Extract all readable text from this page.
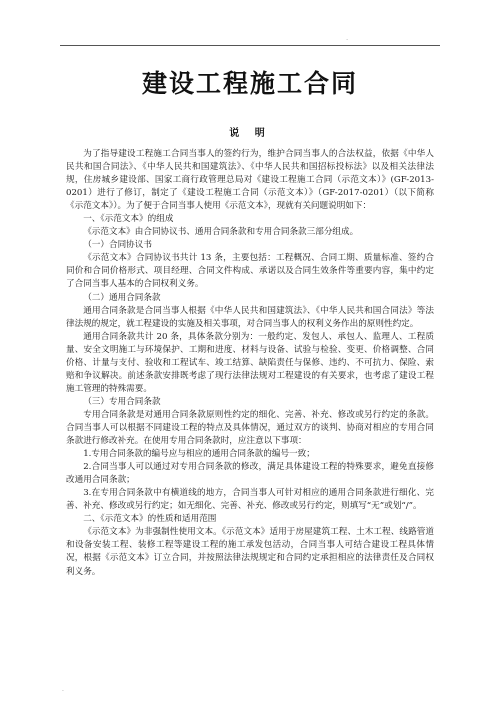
.
建设工程施工合同
说 明

为了指导建设工程施工合同当事人的签约行为，维护合同当事人的合法权益，依据《中华人民共和国合同法》、《中华人民共和国建筑法》、《中华人民共和国招标投标法》以及相关法律法规，住房城乡建设部、国家工商行政管理总局对《建设工程施工合同（示范文本）》(GF-2013-0201）进行了修订，制定了《建设工程施工合同（示范文本）》（GF-2017-0201）（以下简称《示范文本》）。为了便于合同当事人使用《示范文本》，现就有关问题说明如下：

一、《示范文本》的组成

《示范文本》由合同协议书、通用合同条款和专用合同条款三部分组成。

（一）合同协议书

《示范文本》合同协议书共计 13 条，主要包括：工程概况、合同工期、质量标准、签约合同价和合同价格形式、项目经理、合同文件构成、承诺以及合同生效条件等重要内容，集中约定了合同当事人基本的合同权利义务。

（二）通用合同条款

通用合同条款是合同当事人根据《中华人民共和国建筑法》、《中华人民共和国合同法》等法律法规的规定，就工程建设的实施及相关事项，对合同当事人的权利义务作出的原则性约定。

通用合同条款共计 20 条，具体条款分别为：一般约定、发包人、承包人、监理人、工程质量、安全文明施工与环境保护、工期和进度、材料与设备、试验与检验、变更、价格调整、合同价格、计量与支付、验收和工程试车、竣工结算、缺陷责任与保修、违约、不可抗力、保险、索赔和争议解决。前述条款安排既考虑了现行法律法规对工程建设的有关要求，也考虑了建设工程施工管理的特殊需要。

（三）专用合同条款

专用合同条款是对通用合同条款原则性约定的细化、完善、补充、修改或另行约定的条款。合同当事人可以根据不同建设工程的特点及具体情况，通过双方的谈判、协商对相应的专用合同条款进行修改补充。在使用专用合同条款时，应注意以下事项：

1.专用合同条款的编号应与相应的通用合同条款的编号一致；

2.合同当事人可以通过对专用合同条款的修改，满足具体建设工程的特殊要求，避免直接修改通用合同条款；

3.在专用合同条款中有横道线的地方，合同当事人可针对相应的通用合同条款进行细化、完善、补充、修改或另行约定；如无细化、完善、补充、修改或另行约定，则填写“无”或划“/”。

二、《示范文本》的性质和适用范围

《示范文本》为非强制性使用文本。《示范文本》适用于房屋建筑工程、土木工程、线路管道和设备安装工程、装修工程等建设工程的施工承发包活动，合同当事人可结合建设工程具体情况，根据《示范文本》订立合同，并按照法律法规规定和合同约定承担相应的法律责任及合同权利义务。

.
